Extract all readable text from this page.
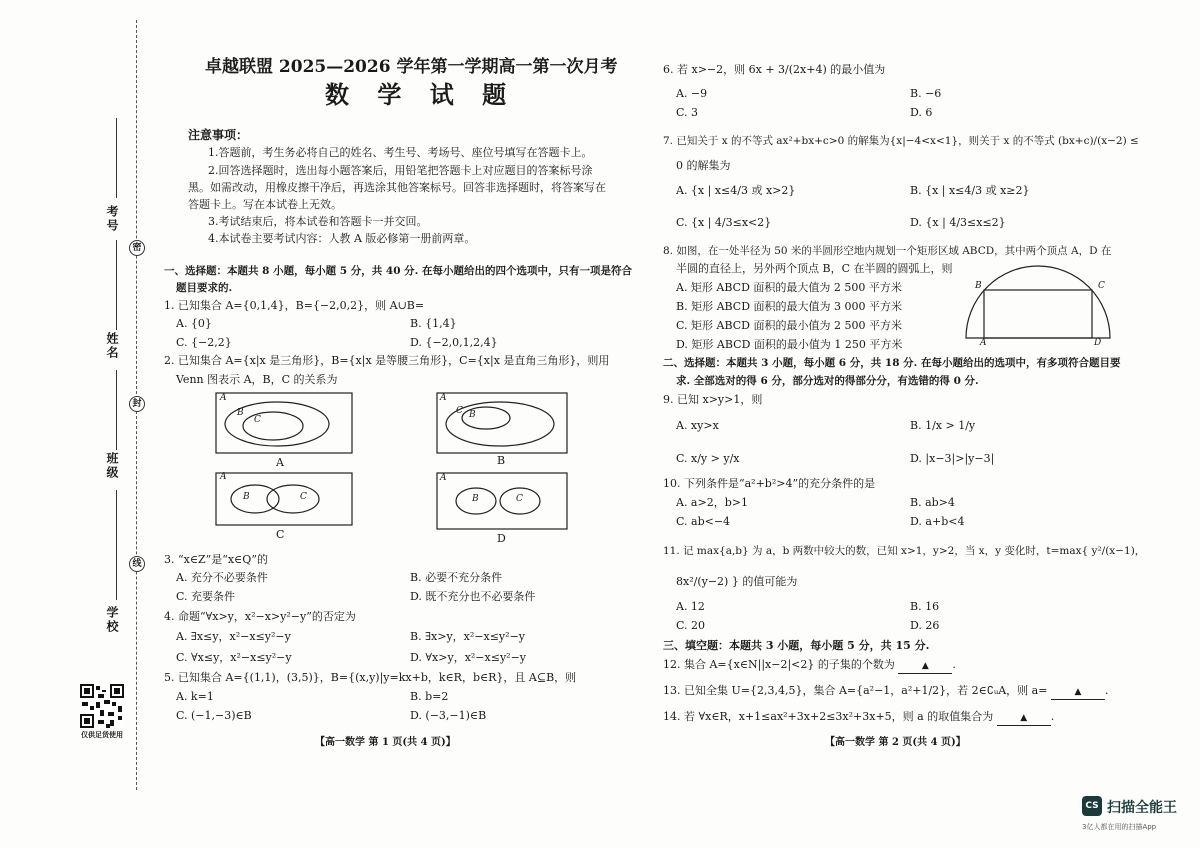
密
封
线
考号
姓名
班级
学校
仅供足货使用
卓越联盟 2025—2026 学年第一学期高一第一次月考
数 学 试 题
注意事项：
1.答题前，考生务必将自己的姓名、考生号、考场号、座位号填写在答题卡上。
2.回答选择题时，选出每小题答案后，用铅笔把答题卡上对应题目的答案标号涂
黑。如需改动，用橡皮擦干净后，再选涂其他答案标号。回答非选择题时，将答案写在
答题卡上。写在本试卷上无效。
3.考试结束后，将本试卷和答题卡一并交回。
4.本试卷主要考试内容：人教 A 版必修第一册前两章。
一、选择题：本题共 8 小题，每小题 5 分，共 40 分. 在每小题给出的四个选项中，只有一项是符合
题目要求的.
1. 已知集合 A={0,1,4}，B={−2,0,2}，则 A∪B=
A. {0}	B. {1,4}
C. {−2,2}	D. {−2,0,1,2,4}
2. 已知集合 A={x|x 是三角形}，B={x|x 是等腰三角形}，C={x|x 是直角三角形}，则用
Venn 图表示 A，B，C 的关系为
A
B
C
A
A
C B
B
A
B	C
C
A
B	C
D
3. “x∈Z”是“x∈Q”的
A. 充分不必要条件	B. 必要不充分条件
C. 充要条件	D. 既不充分也不必要条件
4. 命题“∀x>y，x²−x>y²−y”的否定为
A. ∃x≤y，x²−x≤y²−y	B. ∃x>y，x²−x≤y²−y
C. ∀x≤y，x²−x≤y²−y	D. ∀x>y，x²−x≤y²−y
5. 已知集合 A={(1,1)，(3,5)}，B={(x,y)|y=kx+b，k∈R，b∈R}，且 A⊆B，则
A. k=1	B. b=2
C. (−1,−3)∈B	D. (−3,−1)∈B
【高一数学 第 1 页(共 4 页)】
6. 若 x>−2，则 6x + 3/(2x+4) 的最小值为
A. −9	B. −6
C. 3	D. 6
7. 已知关于 x 的不等式 ax²+bx+c>0 的解集为{x|−4<x<1}，则关于 x 的不等式 (bx+c)/(x−2) ≤
0 的解集为
A. {x | x≤4/3 或 x>2}	B. {x | x≤4/3 或 x≥2}
C. {x | 4/3≤x<2}	D. {x | 4/3≤x≤2}
8. 如图，在一处半径为 50 米的半圆形空地内规划一个矩形区域 ABCD，其中两个顶点 A，D 在
半圆的直径上，另外两个顶点 B，C 在半圆的圆弧上，则
A. 矩形 ABCD 面积的最大值为 2 500 平方米
B. 矩形 ABCD 面积的最大值为 3 000 平方米
C. 矩形 ABCD 面积的最小值为 2 500 平方米
D. 矩形 ABCD 面积的最小值为 1 250 平方米
B	C
A	D
二、选择题：本题共 3 小题，每小题 6 分，共 18 分. 在每小题给出的选项中，有多项符合题目要
求. 全部选对的得 6 分，部分选对的得部分分，有选错的得 0 分.
9. 已知 x>y>1，则
A. xy>x	B. 1/x > 1/y
C. x/y > y/x	D. |x−3|>|y−3|
10. 下列条件是“a²+b²>4”的充分条件的是
A. a>2，b>1	B. ab>4
C. ab<−4	D. a+b<4
11. 记 max{a,b} 为 a，b 两数中较大的数，已知 x>1，y>2，当 x，y 变化时，t=max{ y²/(x−1)，
8x²/(y−2) } 的值可能为
A. 12	B. 16
C. 20	D. 26
三、填空题：本题共 3 小题，每小题 5 分，共 15 分.
12. 集合 A={x∈N||x−2|<2} 的子集的个数为	▲ .
13. 已知全集 U={2,3,4,5}，集合 A={a²−1，a²+1/2}，若 2∈∁ᵤA，则 a=	▲ .
14. 若 ∀x∈R，x+1≤ax²+3x+2≤3x²+3x+5，则 a 的取值集合为	▲ .
【高一数学 第 2 页(共 4 页)】
CS 扫描全能王
3亿人都在用的扫描App
